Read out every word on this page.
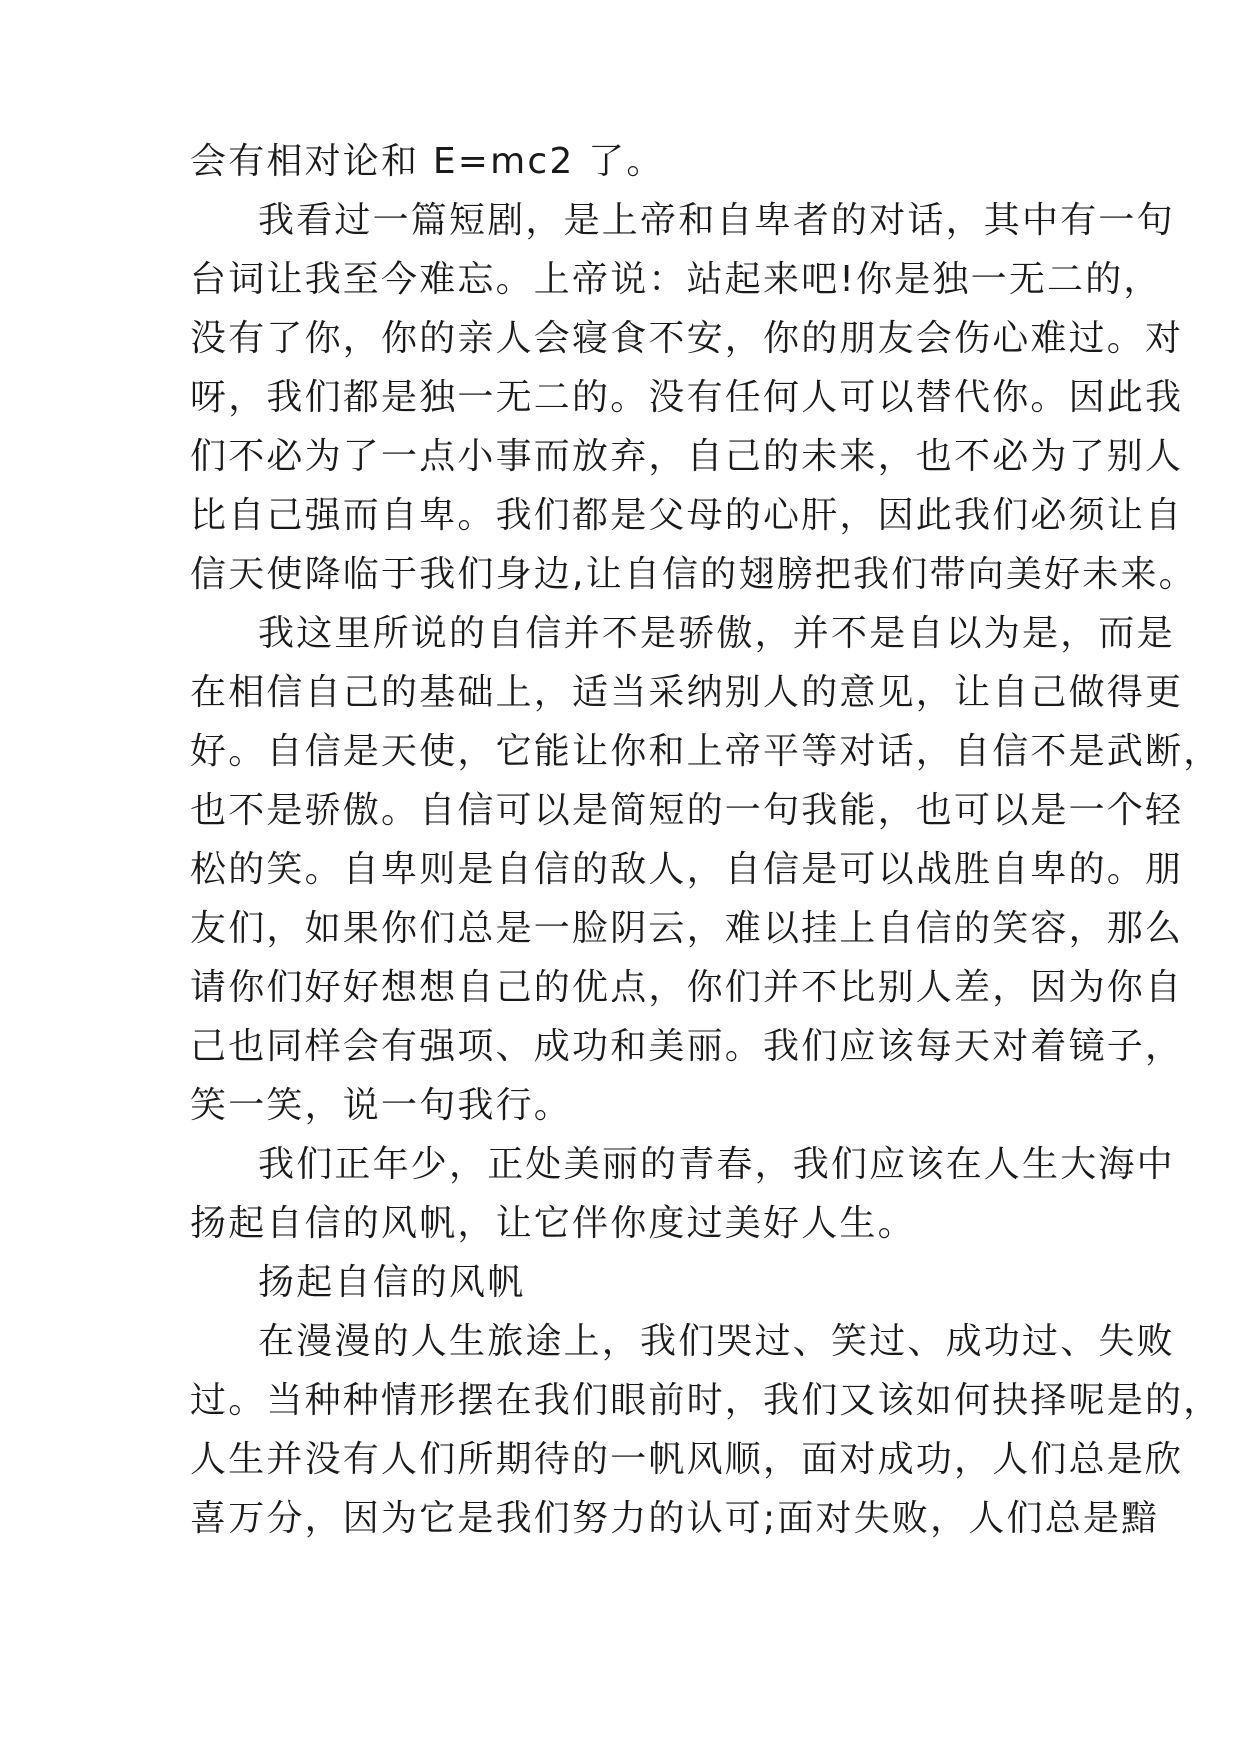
会有相对论和 E=mc2 了。

我看过一篇短剧，是上帝和自卑者的对话，其中有一句

台词让我至今难忘。上帝说：站起来吧!你是独一无二的，

没有了你，你的亲人会寝食不安，你的朋友会伤心难过。对

呀，我们都是独一无二的。没有任何人可以替代你。因此我

们不必为了一点小事而放弃，自己的未来，也不必为了别人

比自己强而自卑。我们都是父母的心肝，因此我们必须让自

信天使降临于我们身边,让自信的翅膀把我们带向美好未来。

我这里所说的自信并不是骄傲，并不是自以为是，而是

在相信自己的基础上，适当采纳别人的意见，让自己做得更

好。自信是天使，它能让你和上帝平等对话，自信不是武断，

也不是骄傲。自信可以是简短的一句我能，也可以是一个轻

松的笑。自卑则是自信的敌人，自信是可以战胜自卑的。朋

友们，如果你们总是一脸阴云，难以挂上自信的笑容，那么

请你们好好想想自己的优点，你们并不比别人差，因为你自

己也同样会有强项、成功和美丽。我们应该每天对着镜子，

笑一笑，说一句我行。

我们正年少，正处美丽的青春，我们应该在人生大海中

扬起自信的风帆，让它伴你度过美好人生。

扬起自信的风帆

在漫漫的人生旅途上，我们哭过、笑过、成功过、失败

过。当种种情形摆在我们眼前时，我们又该如何抉择呢是的，

人生并没有人们所期待的一帆风顺，面对成功，人们总是欣

喜万分，因为它是我们努力的认可;面对失败，人们总是黯
